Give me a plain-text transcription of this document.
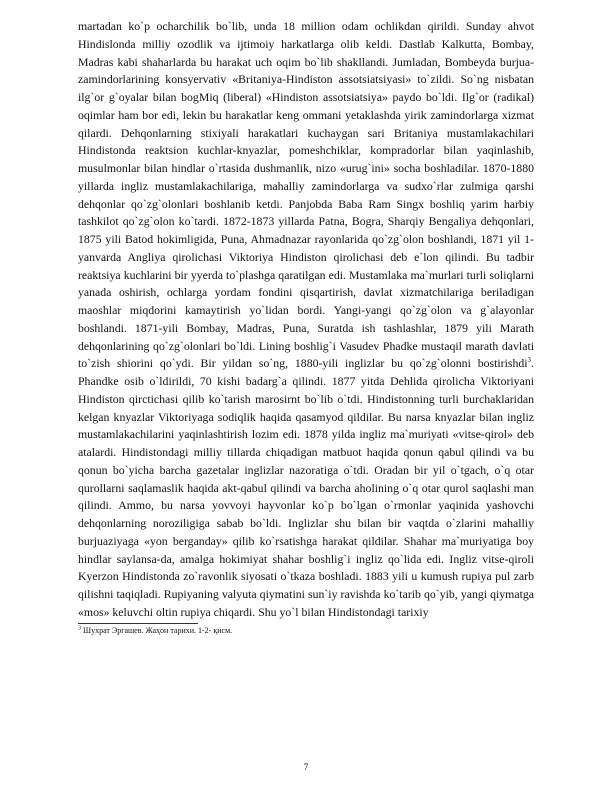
martadan ko`p ocharchilik bo`lib, unda 18 million odam ochlikdan qirildi. Sunday ahvot Hindislonda milliy ozodlik va ijtimoiy harkatlarga olib keldi. Dastlab Kalkutta, Bombay, Madras kabi shaharlarda bu harakat uch oqim bo`lib shakllandi. Jumladan, Bombeyda burjua-zamindorlarining konsyervativ «Britaniya-Hindiston assotsiatsiyasi» to`zildi. So`ng nisbatan ilg`or g`oyalar bilan bogMiq (liberal) «Hindiston assotsiatsiya» paydo bo`ldi. Ilg`or (radikal) oqimlar ham bor edi, lekin bu harakatlar keng ommani yetaklashda yirik zamindorlarga xizmat qilardi. Dehqonlarning stixiyali harakatlari kuchaygan sari Britaniya mustamlakachilari Hindistonda reaktsion kuchlar-knyazlar, pomeshchiklar, kompradorlar bilan yaqinlashib, musulmonlar bilan hindlar o`rtasida dushmanlik, nizo «urug`ini» socha boshladilar. 1870-1880 yillarda ingliz mustamlakachilariga, mahalliy zamindorlarga va sudxo`rlar zulmiga qarshi dehqonlar qo`zg`olonlari boshlanib ketdi. Panjobda Baba Ram Singx boshliq yarim harbiy tashkilot qo`zg`olon ko`tardi. 1872-1873 yillarda Patna, Bogra, Sharqiy Bengaliya dehqonlari, 1875 yili Batod hokimligida, Puna, Ahmadnazar rayonlarida qo`zg`olon boshlandi, 1871 yil 1-yanvarda Angliya qirolichasi Viktoriya Hindiston qirolichasi deb e`lon qilindi. Bu tadbir reaktsiya kuchlarini bir yyerda to`plashga qaratilgan edi. Mustamlaka ma`murlari turli soliqlarni yanada oshirish, ochlarga yordam fondini qisqartirish, davlat xizmatchilariga beriladigan maoshlar miqdorini kamaytirish yo`lidan bordi. Yangi-yangi qo`zg`olon va g`alayonlar boshlandi. 1871-yili Bombay, Madras, Puna, Suratda ish tashlashlar, 1879 yili Marath dehqonlarining qo`zg`olonlari bo`ldi. Lining boshlig`i Vasudev Phadke mustaqil marath davlati to`zish shiorini qo`ydi. Bir yildan so`ng, 1880-yili inglizlar bu qo`zg`olonni bostirishdi$^3$. Phandke osib o`ldirildi, 70 kishi badarg`a qilindi. 1877 yitda Dehlida qirolicha Viktoriyani Hindiston qirctichasi qilib ko`tarish marosirnt bo`lib o`tdi. Hindistonning turli burchaklaridan kelgan knyazlar Viktoriyaga sodiqlik haqida qasamyod qildilar. Bu narsa knyazlar bilan ingliz mustamlakachilarini yaqinlashtirish lozim edi. 1878 yilda ingliz ma`muriyati «vitse-qirol» deb atalardi. Hindistondagi milliy tillarda chiqadigan matbuot haqida qonun qabul qilindi va bu qonun bo`yicha barcha gazetalar inglizlar nazoratiga o`tdi. Oradan bir yil o`tgach, o`q otar qurollarni saqlamaslik haqida akt-qabul qilindi va barcha aholining o`q otar qurol saqlashi man qilindi. Ammo, bu narsa yovvoyi hayvonlar ko`p bo`lgan o`rmonlar yaqinida yashovchi dehqonlarning noroziligiga sabab bo`ldi. Inglizlar shu bilan bir vaqtda o`zlarini mahalliy burjuaziyaga «yon berganday» qilib ko`rsatishga harakat qildilar. Shahar ma`muriyatiga boy hindlar saylansa-da, amalga hokimiyat shahar boshlig`i ingliz qo`lida edi. Ingliz vitse-qiroli Kyerzon Hindistonda zo`ravonlik siyosati o`tkaza boshladi. 1883 yili u kumush rupiya pul zarb qilishni taqiqladi. Rupiyaning valyuta qiymatini sun`iy ravishda ko`tarib qo`yib, yangi qiymatga «mos» keluvchi oltin rupiya chiqardi. Shu yo`l bilan Hindistondagi tarixiy

$^3$ Шухрат Эргашев. Жаҳон тарихи. 1-2- қисм.

7
